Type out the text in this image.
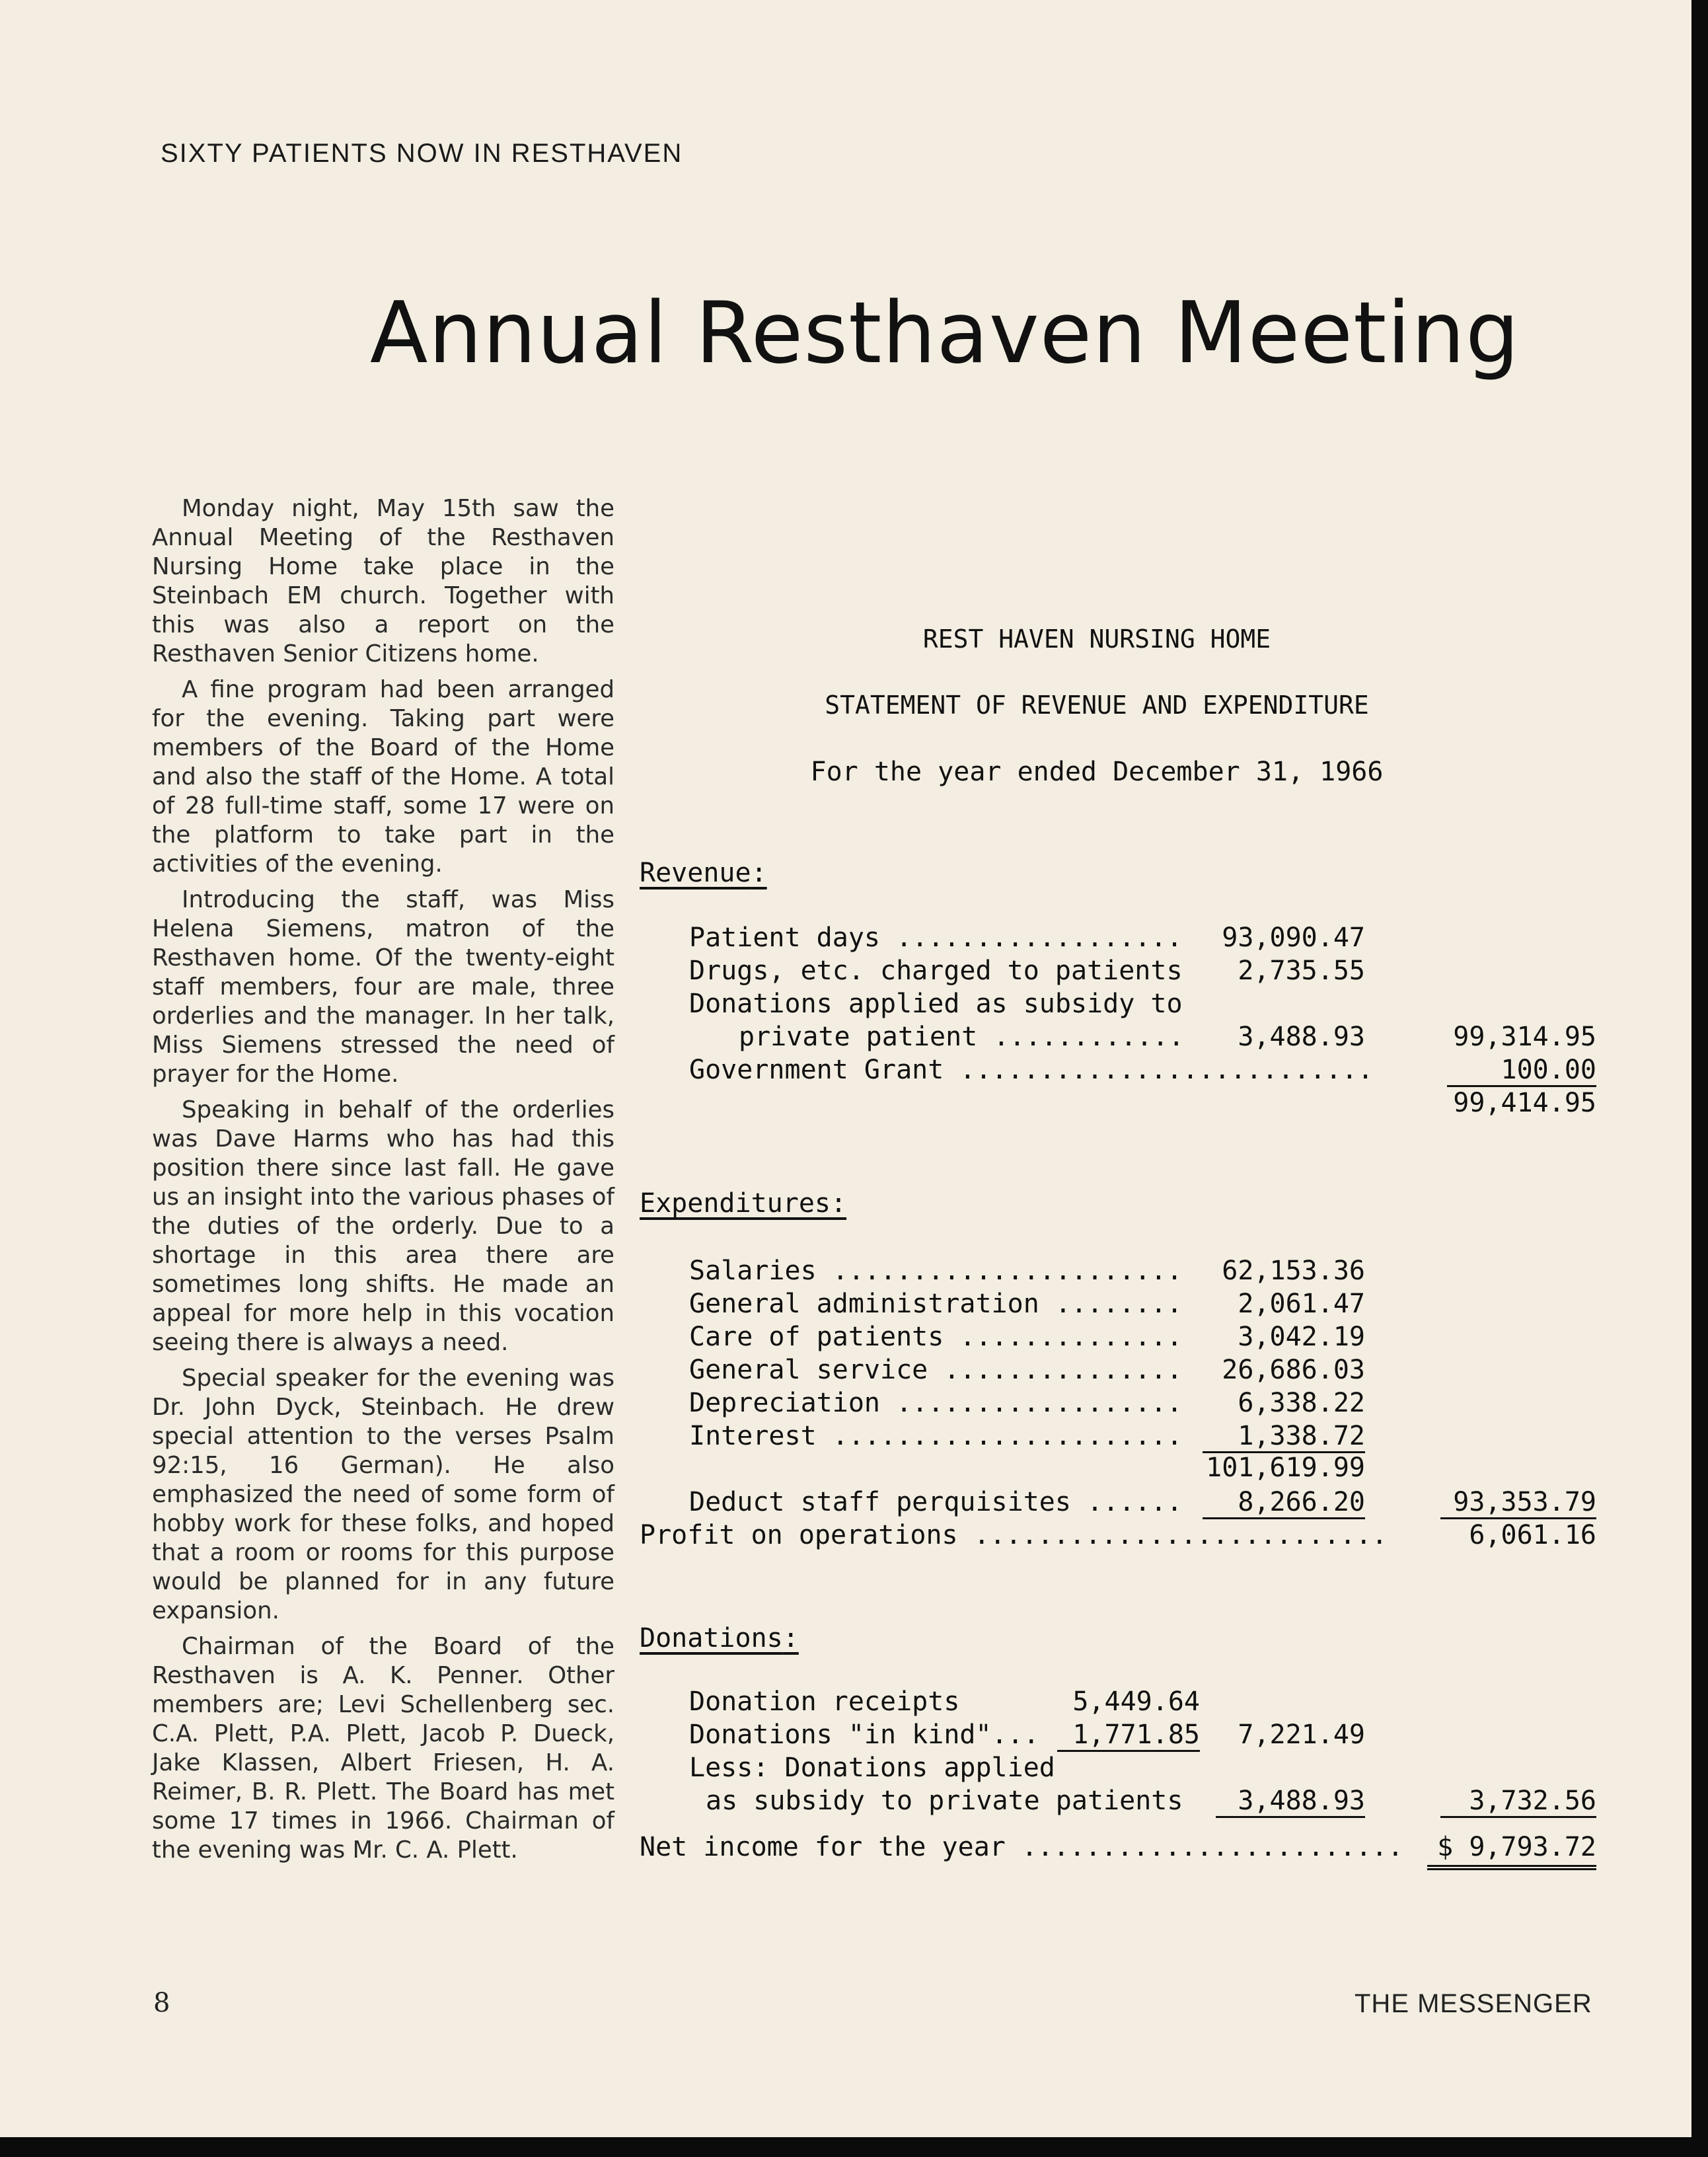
SIXTY PATIENTS NOW IN RESTHAVEN
Annual Resthaven Meeting

Monday night, May 15th saw the Annual Meeting of the Resthaven Nursing Home take place in the Steinbach EM church. Together with this was also a report on the Resthaven Senior Citizens home.

A fine program had been arranged for the evening. Taking part were members of the Board of the Home and also the staff of the Home. A total of 28 full-time staff, some 17 were on the platform to take part in the activities of the evening.

Introducing the staff, was Miss Helena Siemens, matron of the Resthaven home. Of the twenty-eight staff members, four are male, three orderlies and the manager. In her talk, Miss Siemens stressed the need of prayer for the Home.

Speaking in behalf of the orderlies was Dave Harms who has had this position there since last fall. He gave us an insight into the various phases of the duties of the orderly. Due to a shortage in this area there are sometimes long shifts. He made an appeal for more help in this vocation seeing there is always a need.

Special speaker for the evening was Dr. John Dyck, Steinbach. He drew special attention to the verses Psalm 92:15, 16 German). He also emphasized the need of some form of hobby work for these folks, and hoped that a room or rooms for this purpose would be planned for in any future expansion.

Chairman of the Board of the Resthaven is A. K. Penner. Other members are; Levi Schellenberg sec. C.A. Plett, P.A. Plett, Jacob P. Dueck, Jake Klassen, Albert Friesen, H. A. Reimer, B. R. Plett. The Board has met some 17 times in 1966. Chairman of the evening was Mr. C. A. Plett.

REST HAVEN NURSING HOME
STATEMENT OF REVENUE AND EXPENDITURE
For the year ended December 31, 1966
Revenue:
Patient days ..................	93,090.47
Drugs, etc. charged to patients	2,735.55
Donations applied as subsidy to
private patient ............	3,488.93	99,314.95
Government Grant ..........................	100.00
99,414.95
Expenditures:
Salaries ......................	62,153.36
General administration ........	2,061.47
Care of patients ..............	3,042.19
General service ...............	26,686.03
Depreciation ..................	6,338.22
Interest ......................	1,338.72
101,619.99
Deduct staff perquisites ......	8,266.20	93,353.79
Profit on operations ..........................	6,061.16
Donations:
Donation receipts	5,449.64
Donations "in kind"...	1,771.85	7,221.49
Less: Donations applied
as subsidy to private patients	3,488.93	3,732.56
Net income for the year ........................	$ 9,793.72
8	THE MESSENGER
